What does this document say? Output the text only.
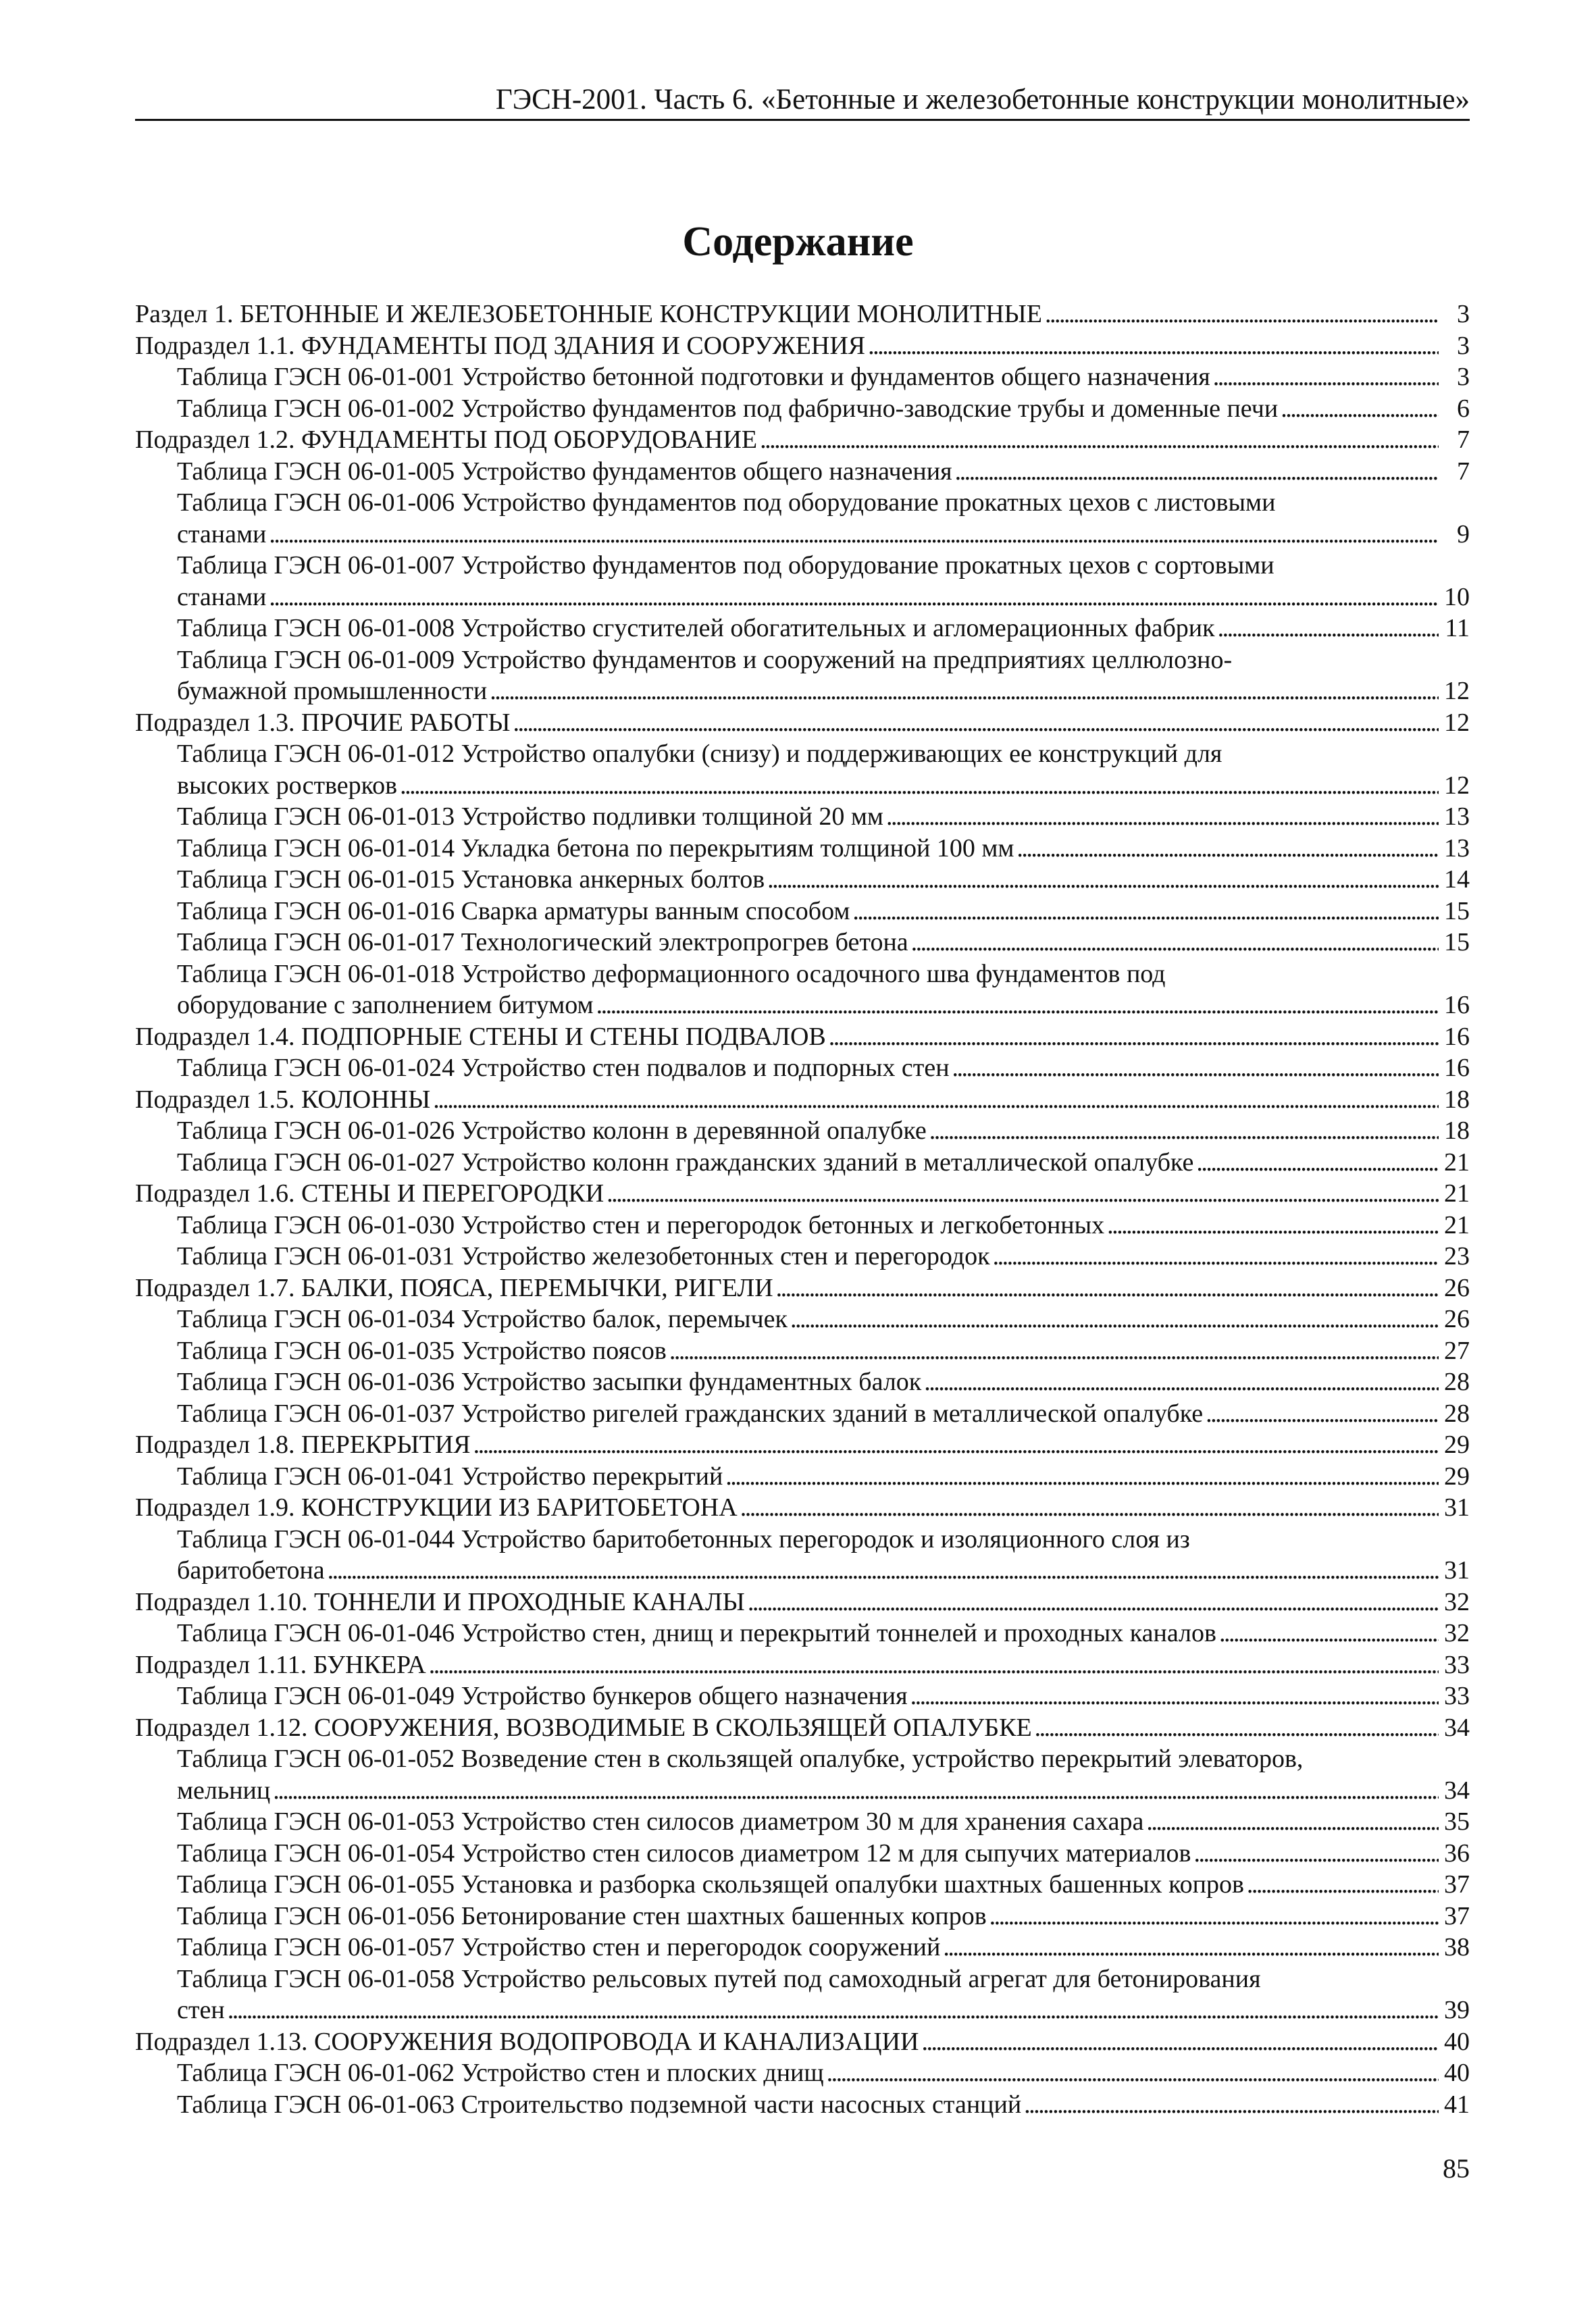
ГЭСН-2001. Часть 6. «Бетонные и железобетонные конструкции монолитные»
Содержание
Раздел 1. БЕТОННЫЕ И ЖЕЛЕЗОБЕТОННЫЕ КОНСТРУКЦИИ МОНОЛИТНЫЕ . . .	3
Подраздел 1.1. ФУНДАМЕНТЫ ПОД ЗДАНИЯ И СООРУЖЕНИЯ . . .	3
Таблица ГЭСН 06-01-001 Устройство бетонной подготовки и фундаментов общего назначения . . .	3
Таблица ГЭСН 06-01-002 Устройство фундаментов под фабрично-заводские трубы и доменные печи . . .	6
Подраздел 1.2. ФУНДАМЕНТЫ ПОД ОБОРУДОВАНИЕ . . .	7
Таблица ГЭСН 06-01-005 Устройство фундаментов общего назначения . . .	7
Таблица ГЭСН 06-01-006 Устройство фундаментов под оборудование прокатных цехов с листовыми
станами . . .	9
Таблица ГЭСН 06-01-007 Устройство фундаментов под оборудование прокатных цехов с сортовыми
станами . . .	10
Таблица ГЭСН 06-01-008 Устройство сгустителей обогатительных и агломерационных фабрик . . .	11
Таблица ГЭСН 06-01-009 Устройство фундаментов и сооружений на предприятиях целлюлозно-
бумажной промышленности . . .	12
Подраздел 1.3. ПРОЧИЕ РАБОТЫ . . .	12
Таблица ГЭСН 06-01-012 Устройство опалубки (снизу) и поддерживающих ее конструкций для
высоких ростверков . . .	12
Таблица ГЭСН 06-01-013 Устройство подливки толщиной 20 мм . . .	13
Таблица ГЭСН 06-01-014 Укладка бетона по перекрытиям толщиной 100 мм . . .	13
Таблица ГЭСН 06-01-015 Установка анкерных болтов . . .	14
Таблица ГЭСН 06-01-016 Сварка арматуры ванным способом . . .	15
Таблица ГЭСН 06-01-017 Технологический электропрогрев бетона . . .	15
Таблица ГЭСН 06-01-018 Устройство деформационного осадочного шва фундаментов под
оборудование с заполнением битумом . . .	16
Подраздел 1.4. ПОДПОРНЫЕ СТЕНЫ И СТЕНЫ ПОДВАЛОВ . . .	16
Таблица ГЭСН 06-01-024 Устройство стен подвалов и подпорных стен . . .	16
Подраздел 1.5. КОЛОННЫ . . .	18
Таблица ГЭСН 06-01-026 Устройство колонн в деревянной опалубке . . .	18
Таблица ГЭСН 06-01-027 Устройство колонн гражданских зданий в металлической опалубке . . .	21
Подраздел 1.6. СТЕНЫ И ПЕРЕГОРОДКИ . . .	21
Таблица ГЭСН 06-01-030 Устройство стен и перегородок бетонных и легкобетонных . . .	21
Таблица ГЭСН 06-01-031 Устройство железобетонных стен и перегородок . . .	23
Подраздел 1.7. БАЛКИ, ПОЯСА, ПЕРЕМЫЧКИ, РИГЕЛИ . . .	26
Таблица ГЭСН 06-01-034 Устройство балок, перемычек . . .	26
Таблица ГЭСН 06-01-035 Устройство поясов . . .	27
Таблица ГЭСН 06-01-036 Устройство засыпки фундаментных балок . . .	28
Таблица ГЭСН 06-01-037 Устройство ригелей гражданских зданий в металлической опалубке . . .	28
Подраздел 1.8. ПЕРЕКРЫТИЯ . . .	29
Таблица ГЭСН 06-01-041 Устройство перекрытий . . .	29
Подраздел 1.9. КОНСТРУКЦИИ ИЗ БАРИТОБЕТОНА . . .	31
Таблица ГЭСН 06-01-044 Устройство баритобетонных перегородок и изоляционного слоя из
баритобетона . . .	31
Подраздел 1.10. ТОННЕЛИ И ПРОХОДНЫЕ КАНАЛЫ . . .	32
Таблица ГЭСН 06-01-046 Устройство стен, днищ и перекрытий тоннелей и проходных каналов . . .	32
Подраздел 1.11. БУНКЕРА . . .	33
Таблица ГЭСН 06-01-049 Устройство бункеров общего назначения . . .	33
Подраздел 1.12. СООРУЖЕНИЯ, ВОЗВОДИМЫЕ В СКОЛЬЗЯЩЕЙ ОПАЛУБКЕ . . .	34
Таблица ГЭСН 06-01-052 Возведение стен в скользящей опалубке, устройство перекрытий элеваторов,
мельниц . . .	34
Таблица ГЭСН 06-01-053 Устройство стен силосов диаметром 30 м для хранения сахара . . .	35
Таблица ГЭСН 06-01-054 Устройство стен силосов диаметром 12 м для сыпучих материалов . . .	36
Таблица ГЭСН 06-01-055 Установка и разборка скользящей опалубки шахтных башенных копров . . .	37
Таблица ГЭСН 06-01-056 Бетонирование стен шахтных башенных копров . . .	37
Таблица ГЭСН 06-01-057 Устройство стен и перегородок сооружений . . .	38
Таблица ГЭСН 06-01-058 Устройство рельсовых путей под самоходный агрегат для бетонирования
стен . . .	39
Подраздел 1.13. СООРУЖЕНИЯ ВОДОПРОВОДА И КАНАЛИЗАЦИИ . . .	40
Таблица ГЭСН 06-01-062 Устройство стен и плоских днищ . . .	40
Таблица ГЭСН 06-01-063 Строительство подземной части насосных станций . . .	41
85
